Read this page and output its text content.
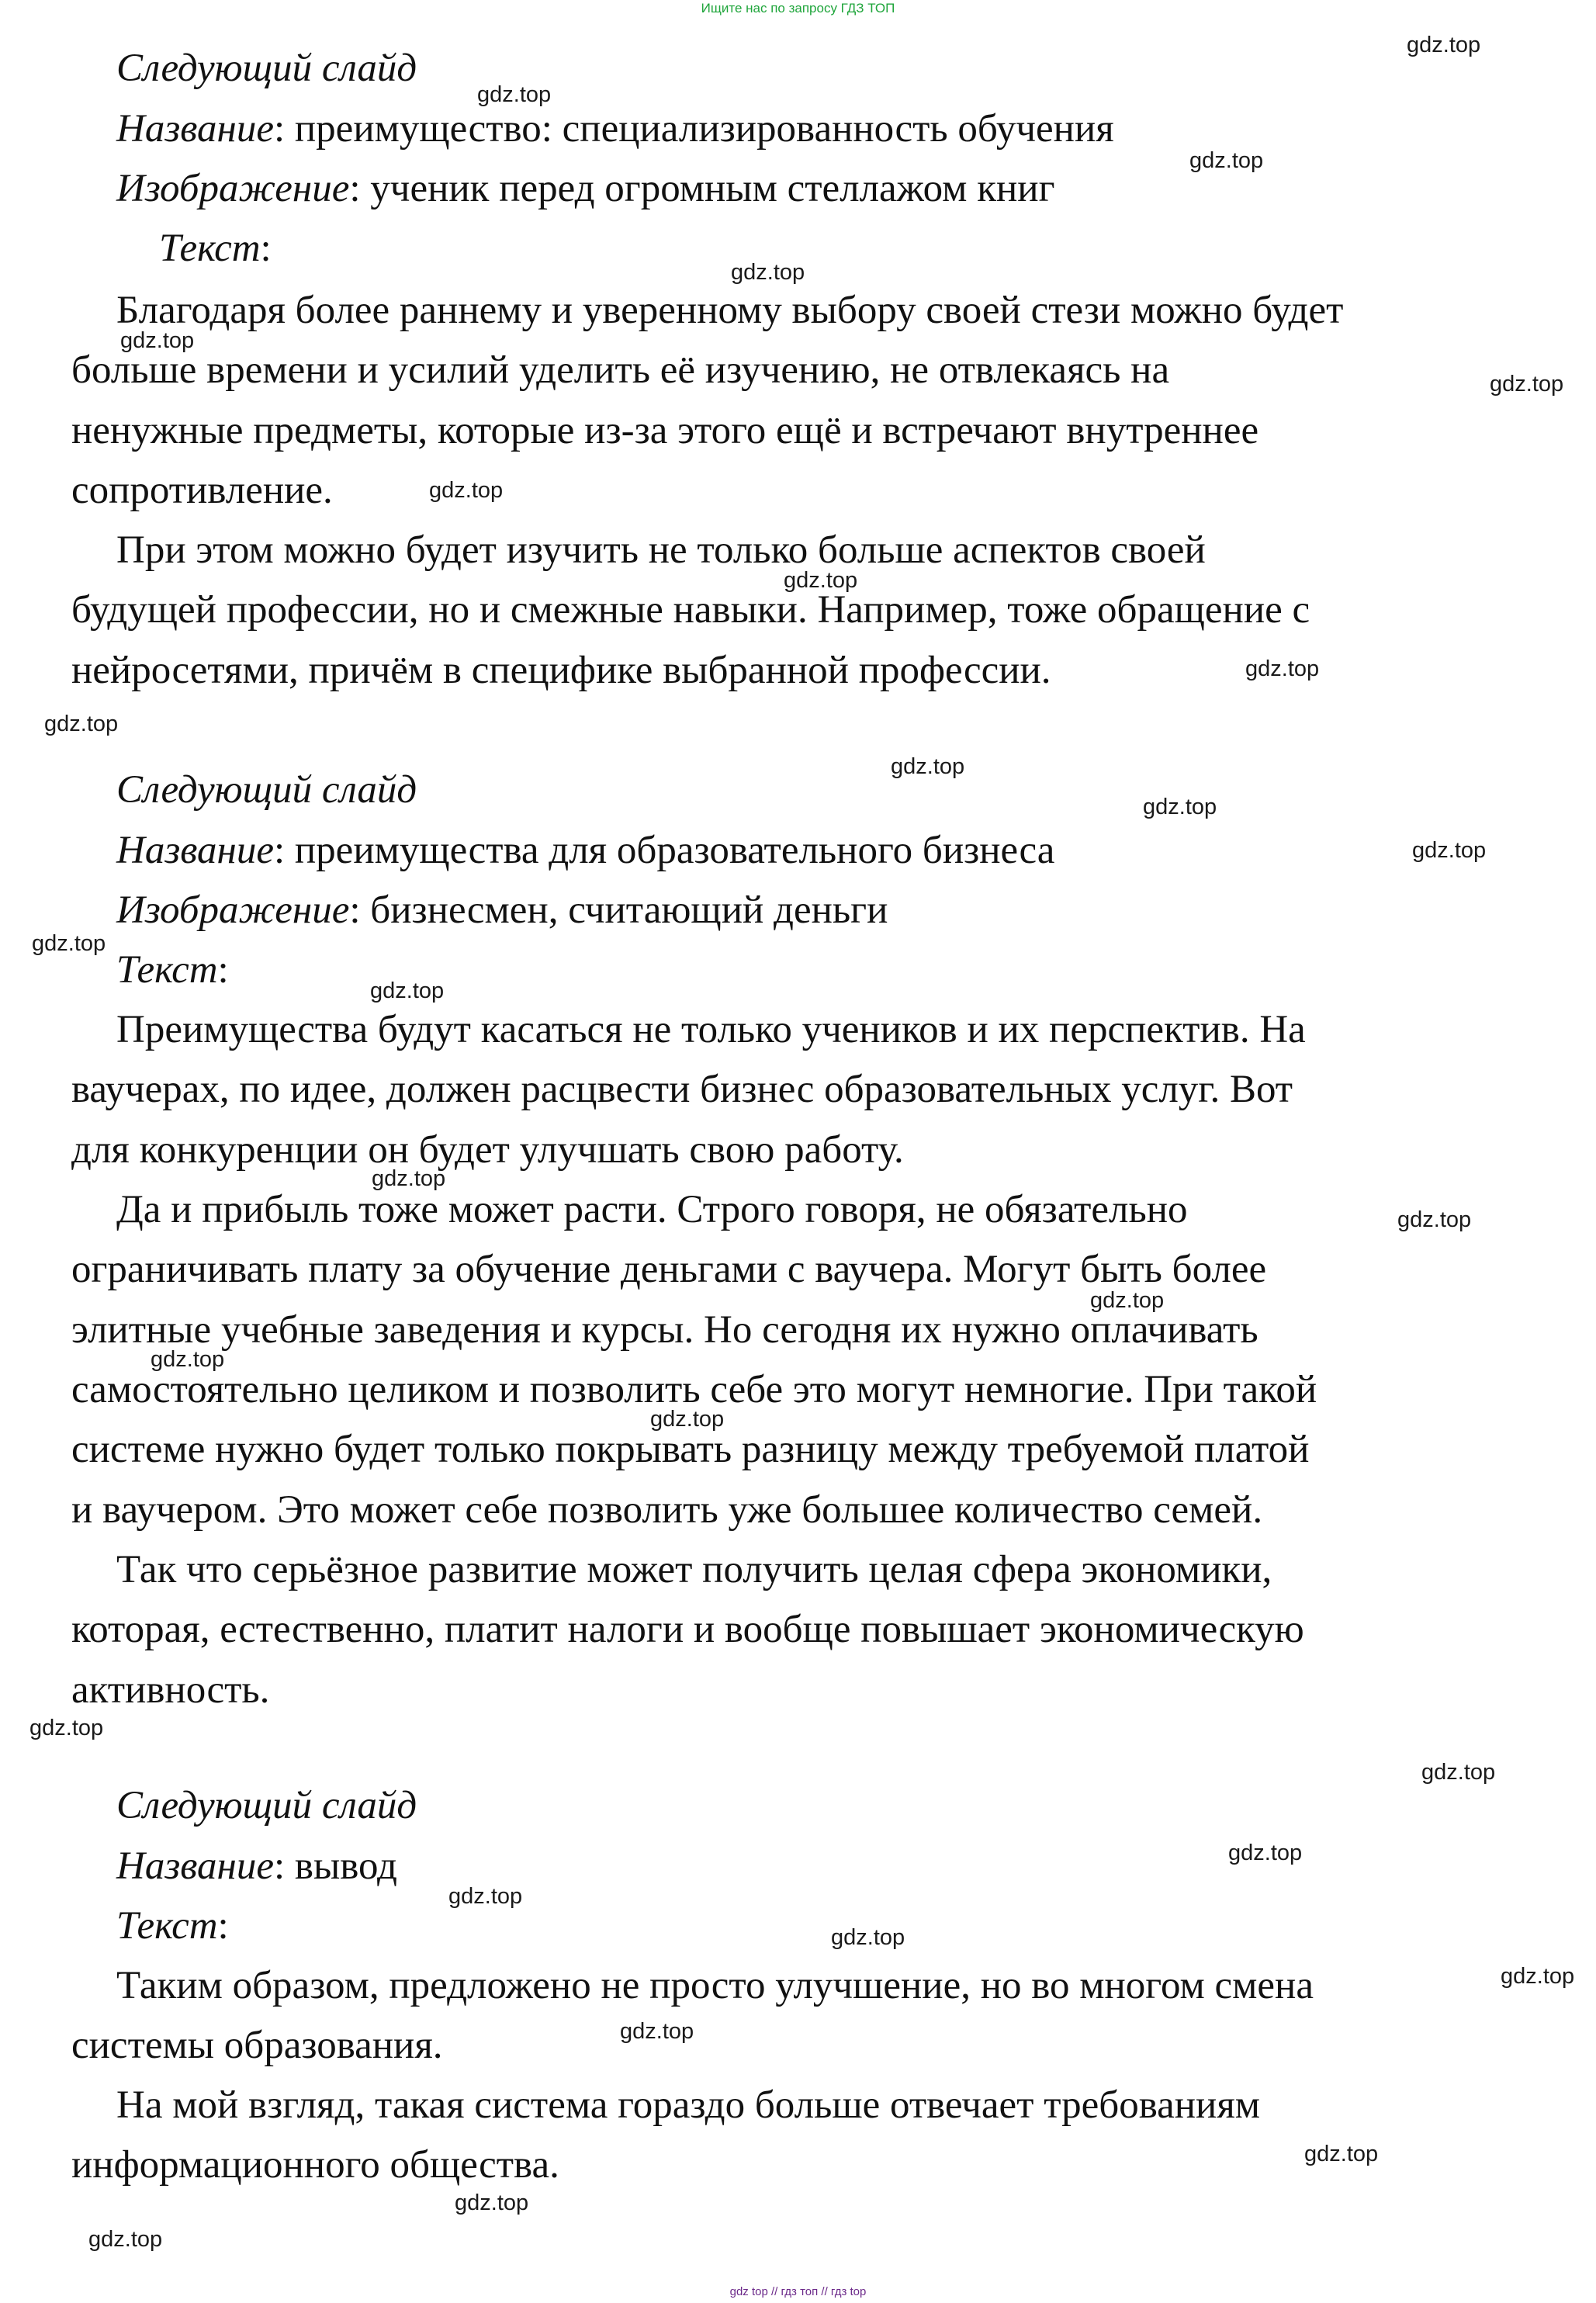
Ищите нас по запросу ГДЗ ТОП
Следующий слайд
Название: преимущество: специализированность обучения
Изображение: ученик перед огромным стеллажом книг
Текст:
Благодаря более раннему и уверенному выбору своей стези можно будет
больше времени и усилий уделить её изучению, не отвлекаясь на
ненужные предметы, которые из-за этого ещё и встречают внутреннее
сопротивление.
При этом можно будет изучить не только больше аспектов своей
будущей профессии, но и смежные навыки. Например, тоже обращение с
нейросетями, причём в специфике выбранной профессии.
Следующий слайд
Название: преимущества для образовательного бизнеса
Изображение: бизнесмен, считающий деньги
Текст:
Преимущества будут касаться не только учеников и их перспектив. На
ваучерах, по идее, должен расцвести бизнес образовательных услуг. Вот
для конкуренции он будет улучшать свою работу.
Да и прибыль тоже может расти. Строго говоря, не обязательно
ограничивать плату за обучение деньгами с ваучера. Могут быть более
элитные учебные заведения и курсы. Но сегодня их нужно оплачивать
самостоятельно целиком и позволить себе это могут немногие. При такой
системе нужно будет только покрывать разницу между требуемой платой
и ваучером. Это может себе позволить уже большее количество семей.
Так что серьёзное развитие может получить целая сфера экономики,
которая, естественно, платит налоги и вообще повышает экономическую
активность.
Следующий слайд
Название: вывод
Текст:
Таким образом, предложено не просто улучшение, но во многом смена
системы образования.
На мой взгляд, такая система гораздо больше отвечает требованиям
информационного общества.
gdz.top
gdz.top
gdz.top
gdz.top
gdz.top
gdz.top
gdz.top
gdz.top
gdz.top
gdz.top
gdz.top
gdz.top
gdz.top
gdz.top
gdz.top
gdz.top
gdz.top
gdz.top
gdz.top
gdz.top
gdz.top
gdz.top
gdz.top
gdz.top
gdz.top
gdz.top
gdz.top
gdz.top
gdz.top
gdz.top
gdz top // гдз топ // гдз top
